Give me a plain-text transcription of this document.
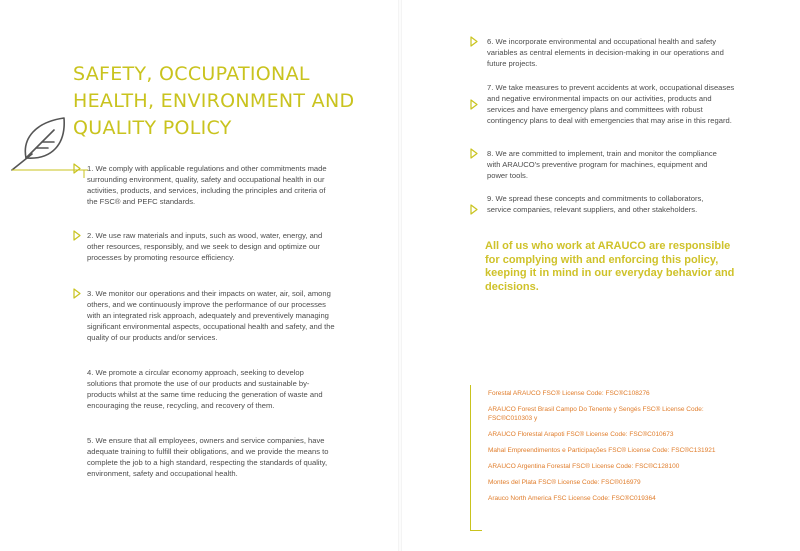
SAFETY, OCCUPATIONAL HEALTH, ENVIRONMENT AND QUALITY POLICY

1. We comply with applicable regulations and other commitments made surrounding environment, quality, safety and occupational health in our activities, products, and services, including the principles and criteria of the FSC® and PEFC standards.

2. We use raw materials and inputs, such as wood, water, energy, and other resources, responsibly, and we seek to design and optimize our processes by promoting resource efficiency.

3. We monitor our operations and their impacts on water, air, soil, among others, and we continuously improve the performance of our processes with an integrated risk approach, adequately and preventively managing significant environmental aspects, occupational health and safety, and the quality of our products and/or services.

4. We promote a circular economy approach, seeking to develop solutions that promote the use of our products and sustainable by-products whilst at the same time reducing the generation of waste and encouraging the reuse, recycling, and recovery of them.

5. We ensure that all employees, owners and service companies, have adequate training to fulfill their obligations, and we provide the means to complete the job to a high standard, respecting the standards of quality, environment, safety and occupational health.

6. We incorporate environmental and occupational health and safety variables as central elements in decision-making in our operations and future projects.

7. We take measures to prevent accidents at work, occupational diseases and negative environmental impacts on our activities, products and services and have emergency plans and committees with robust contingency plans to deal with emergencies that may arise in this regard.

8. We are committed to implement, train and monitor the compliance with ARAUCO's preventive program for machines, equipment and power tools.

9. We spread these concepts and commitments to collaborators, service companies, relevant suppliers, and other stakeholders.

All of us who work at ARAUCO are responsible for complying with and enforcing this policy, keeping it in mind in our everyday behavior and decisions.

Forestal ARAUCO FSC® License Code: FSC®C108276
ARAUCO Forest Brasil Campo Do Tenente y Sengés FSC® License Code: FSC®C010303 y
ARAUCO Florestal Arapoti FSC® License Code: FSC®C010673
Mahal Empreendimentos e Participações FSC® License Code: FSC®C131921
ARAUCO Argentina Forestal FSC® License Code: FSC®C128100
Montes del Plata FSC® License Code: FSC®016979
Arauco North America FSC License Code: FSC®C019364
